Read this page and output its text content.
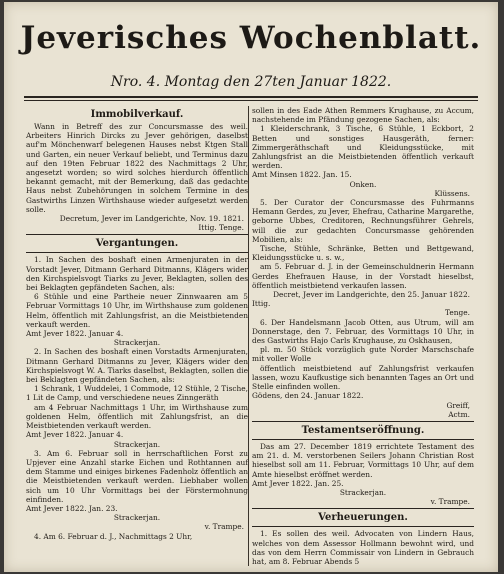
Jeverisches Wochenblatt.
Nro. 4. Montag den 27ten Januar 1822.
Immobilverkauf.

Wann in Betreff des zur Concursmasse des weil. Arbeiters Hinrich Dircks zu Jever gehörigen, daselbst auf'm Mönchenwarf belegenen Hauses nebst Ktgen Stall und Garten, ein neuer Verkauf beliebt, und Terminus dazu auf den 19ten Februar 1822 des Nachmittags 2 Uhr, angesetzt worden; so wird solches hierdurch öffentlich bekannt gemacht, mit der Bemerkung, daß das gedachte Haus nebst Zubehörungen in solchem Termine in des Gastwirths Linzen Wirthshause wieder aufgesetzt werden solle.

Decretum, Jever im Landgerichte, Nov. 19. 1821.

Ittig. Tenge.

Vergantungen.

1. In Sachen des boshaft einen Armenjuraten in der Vorstadt Jever, Ditmann Gerhard Ditmanns, Klägers wider den Kirchspielsvogt Tiarks zu Jever, Beklagten, sollen des bei Beklagten gepfändeten Sachen, als:

6 Stühle und eine Partheie neuer Zinnwaaren am 5 Februar Vormittags 10 Uhr, im Wirthshause zum goldenen Helm, öffentlich mit Zahlungsfrist, an die Meistbietenden verkauft werden.

Amt Jever 1822. Januar 4.

Strackerjan.

2. In Sachen des boshaft einen Vorstadts Armenjuraten, Ditmann Gerhard Ditmanns zu Jever, Klägers wider den Kirchspielsvogt W. A. Tiarks daselbst, Beklagten, sollen die bei Beklagten gepfändeten Sachen, als:

1 Schrank, 1 Wuddelei, 1 Commode, 12 Stühle, 2 Tische, 1 Lit de Camp, und verschiedene neues Zinngeräth

am 4 Februar Nachmittags 1 Uhr, im Wirthshause zum goldenen Helm, öffentlich mit Zahlungsfrist, an die Meistbietenden verkauft werden.

Amt Jever 1822. Januar 4.

Strackerjan.

3. Am 6. Februar soll in herrschaftlichen Forst zu Upjever eine Anzahl starke Eichen und Rothtannen auf dem Stamme und einiges birkenes Fadenholz öffentlich an die Meistbietenden verkauft werden. Liebhaber wollen sich um 10 Uhr Vormittags bei der Förstermohnung einfinden.

Amt Jever 1822. Jan. 23.

Strackerjan.

v. Trampe.

4. Am 6. Februar d. J., Nachmittags 2 Uhr,

sollen in des Eade Athen Remmers Krughause, zu Accum, nachstehende im Pfändung gezogene Sachen, als:

1 Kleiderschrank, 3 Tische, 6 Stühle, 1 Eckbort, 2 Betten und sonstiges Hausgeräth, ferner: Zimmergeräthschaft und Kleidungsstücke, mit Zahlungsfrist an die Meistbietenden öffentlich verkauft werden.

Amt Minsen 1822. Jan. 15.

Onken.

Klüssens.

5. Der Curator der Concursmasse des Fuhrmanns Hemann Gerdes, zu Jever, Ehefrau, Catharine Margarethe, geborne Ubbes, Creditoren, Rechnungsführer Gehrels, will die zur gedachten Concursmasse gehörenden Mobilien, als:

Tische, Stühle, Schränke, Betten und Bettgewand, Kleidungsstücke u. s. w.,

am 5. Februar d. J. in der Gemeinschuldnerin Hermann Gerdes Ehefrauen Hause, in der Vorstadt hieselbst, öffentlich meistbietend verkaufen lassen.

Decret, Jever im Landgerichte, den 25. Januar 1822.

Ittig.

Tenge.

6. Der Handelsmann Jacob Otten, aus Utrum, will am Donnerstage, den 7. Februar, des Vormittags 10 Uhr, in des Gastwirths Hajo Carls Krughause, zu Oskhausen,

pl. m. 50 Stück vorzüglich gute Norder Marschschafe mit voller Wolle

öffentlich meistbietend auf Zahlungsfrist verkaufen lassen, wozu Kaufkustige sich benannten Tages an Ort und Stelle einfinden wollen.

Gödens, den 24. Januar 1822.

Greiff,

Actm.

Testamentseröffnung.

Das am 27. December 1819 errichtete Testament des am 21. d. M. verstorbenen Seilers Johann Christian Rost hieselbst soll am 11. Februar, Vormittags 10 Uhr, auf dem Amte hieselbst eröffnet werden.

Amt Jever 1822. Jan. 25.

Strackerjan.

v. Trampe.

Verheuerungen.

1. Es sollen des weil. Advocaten von Lindern Haus, welches von dem Assessor Hollmann bewohnt wird, und das von dem Herrn Commissair von Lindern in Gebrauch hat, am 8. Februar Abends 5
